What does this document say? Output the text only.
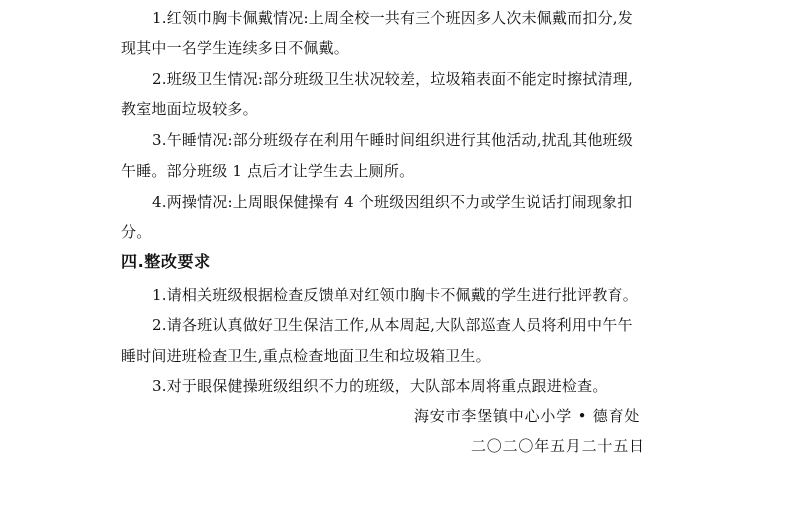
1.红领巾胸卡佩戴情况:上周全校一共有三个班因多人次未佩戴而扣分,发
现其中一名学生连续多日不佩戴。
2.班级卫生情况:部分班级卫生状况较差，垃圾箱表面不能定时擦拭清理,
教室地面垃圾较多。
3.午睡情况:部分班级存在利用午睡时间组织进行其他活动,扰乱其他班级
午睡。部分班级 1 点后才让学生去上厕所。
4.两操情况:上周眼保健操有 4 个班级因组织不力或学生说话打闹现象扣
分。
四.整改要求
1.请相关班级根据检查反馈单对红领巾胸卡不佩戴的学生进行批评教育。
2.请各班认真做好卫生保洁工作,从本周起,大队部巡查人员将利用中午午
睡时间进班检查卫生,重点检查地面卫生和垃圾箱卫生。
3.对于眼保健操班级组织不力的班级，大队部本周将重点跟进检查。
海安市李堡镇中心小学 • 德育处
二〇二〇年五月二十五日
